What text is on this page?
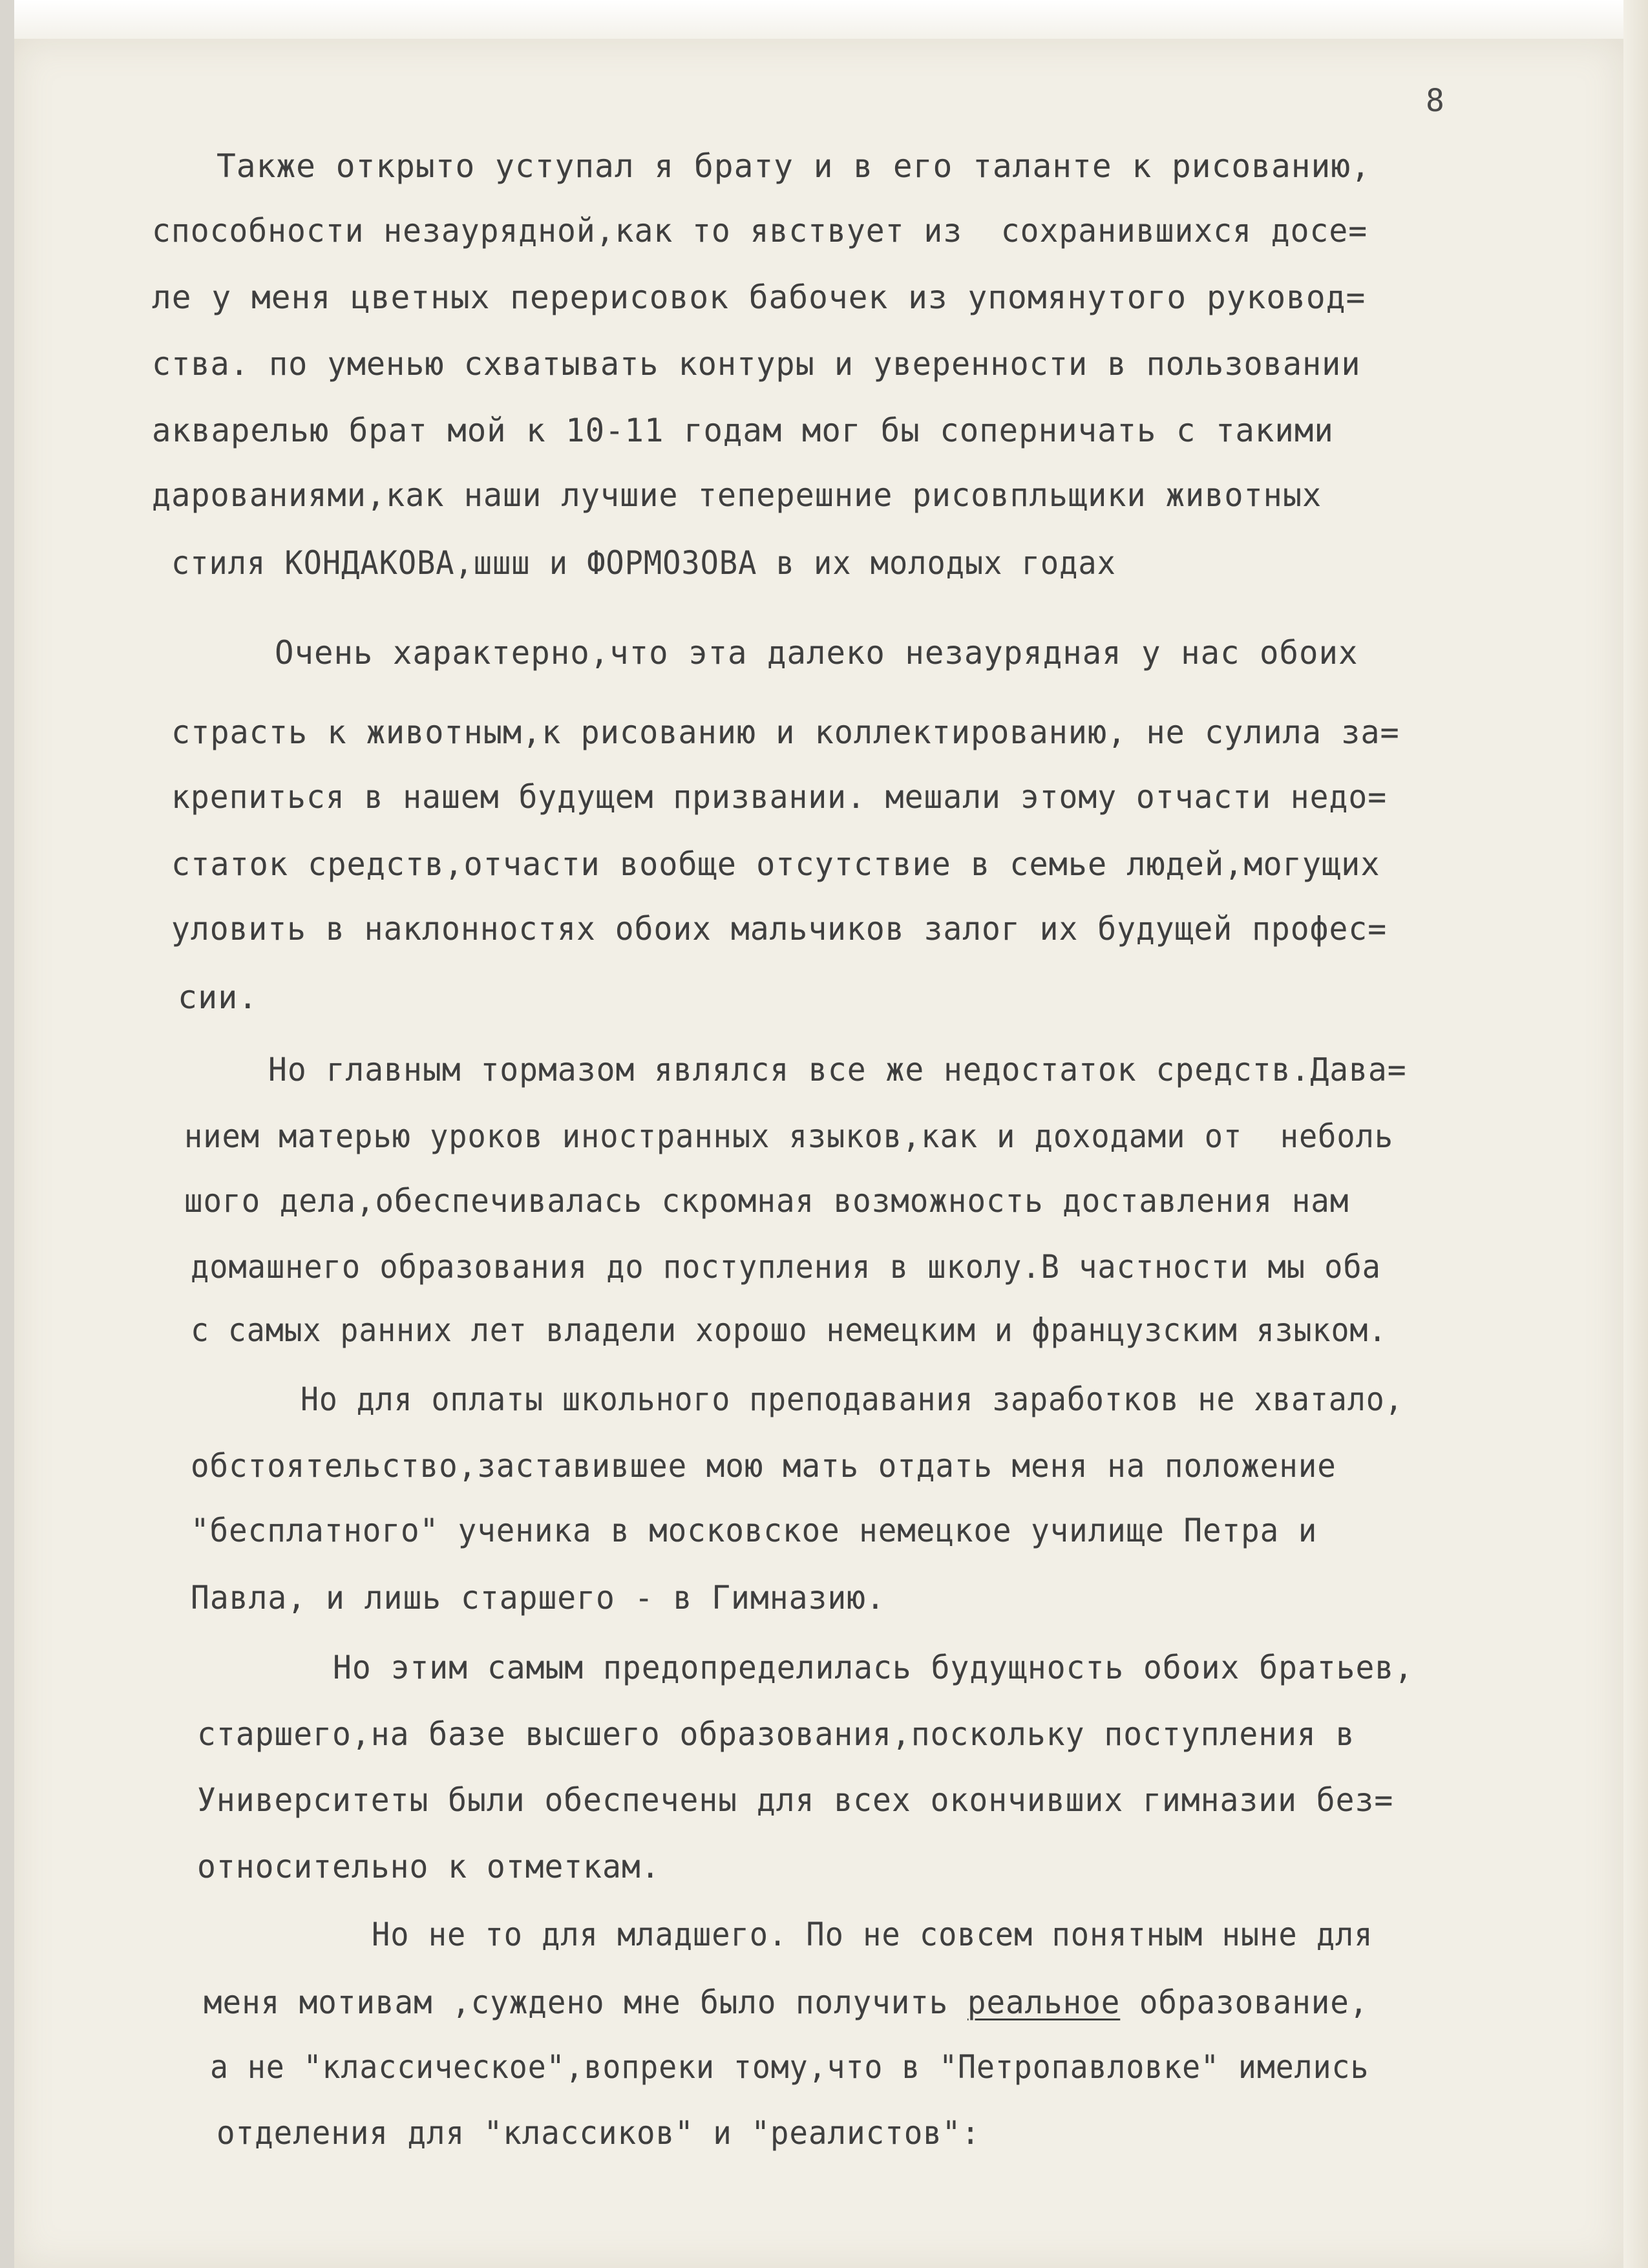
8
Также открыто уступал я брату и в его таланте к рисованию,
способности незаурядной,как то явствует из  сохранившихся досе=
ле у меня цветных перерисовок бабочек из упомянутого руковод=
ства. по уменью схватывать контуры и уверенности в пользовании
акварелью брат мой к 10-11 годам мог бы соперничать с такими
дарованиями,как наши лучшие теперешние рисовпльщики животных
стиля КОНДАКОВА,шшш и ФОРМОЗОВА в их молодых годах
Очень характерно,что эта далеко незаурядная у нас обоих
страсть к животным,к рисованию и коллектированию, не сулила за=
крепиться в нашем будущем призвании. мешали этому отчасти недо=
статок средств,отчасти вообще отсутствие в семье людей,могущих
уловить в наклонностях обоих мальчиков залог их будущей профес=
сии.
Но главным тормазом являлся все же недостаток средств.Дава=
нием матерью уроков иностранных языков,как и доходами от  неболь
шого дела,обеспечивалась скромная возможность доставления нам
домашнего образования до поступления в школу.В частности мы оба
с самых ранних лет владели хорошо немецким и французским языком.
Но для оплаты школьного преподавания заработков не хватало,
обстоятельство,заставившее мою мать отдать меня на положение
"бесплатного" ученика в московское немецкое училище Петра и
Павла, и лишь старшего - в Гимназию.
Но этим самым предопределилась будущность обоих братьев,
старшего,на базе высшего образования,поскольку поступления в
Университеты были обеспечены для всех окончивших гимназии без=
относительно к отметкам.
Но не то для младшего. По не совсем понятным ныне для
меня мотивам ,суждено мне было получить реальное образование,
а не "классическое",вопреки тому,что в "Петропавловке" имелись
отделения для "классиков" и "реалистов":
